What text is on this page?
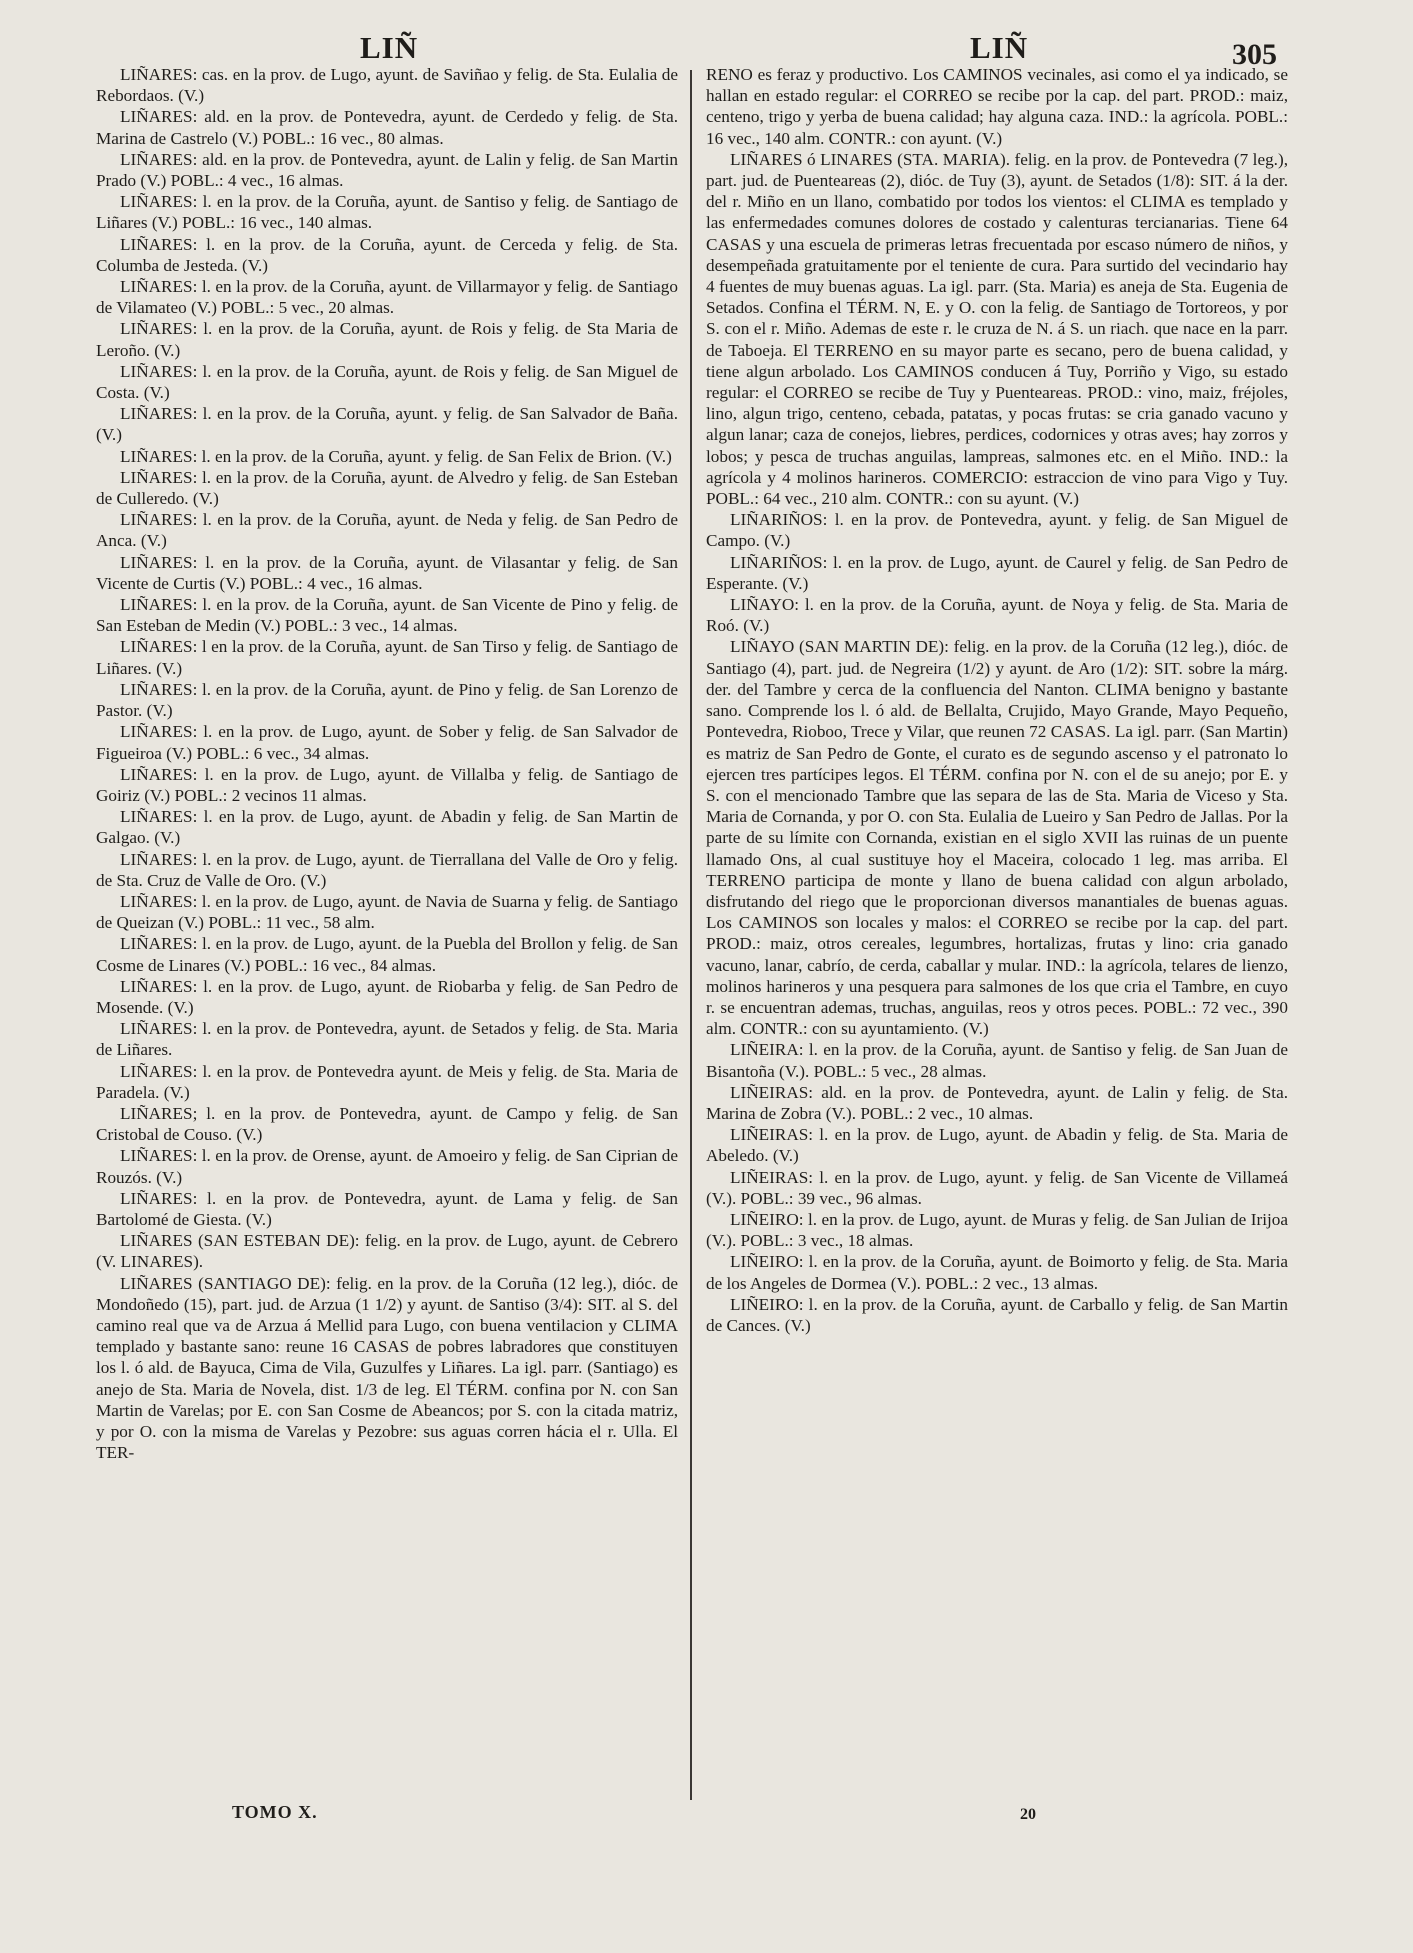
LIÑ	LIÑ	305

LIÑARES: cas. en la prov. de Lugo, ayunt. de Saviñao y felig. de Sta. Eulalia de Rebordaos. (V.)

LIÑARES: ald. en la prov. de Pontevedra, ayunt. de Cerdedo y felig. de Sta. Marina de Castrelo (V.) POBL.: 16 vec., 80 almas.

LIÑARES: ald. en la prov. de Pontevedra, ayunt. de Lalin y felig. de San Martin Prado (V.) POBL.: 4 vec., 16 almas.

LIÑARES: l. en la prov. de la Coruña, ayunt. de Santiso y felig. de Santiago de Liñares (V.) POBL.: 16 vec., 140 almas.

LIÑARES: l. en la prov. de la Coruña, ayunt. de Cerceda y felig. de Sta. Columba de Jesteda. (V.)

LIÑARES: l. en la prov. de la Coruña, ayunt. de Villarmayor y felig. de Santiago de Vilamateo (V.) POBL.: 5 vec., 20 almas.

LIÑARES: l. en la prov. de la Coruña, ayunt. de Rois y felig. de Sta Maria de Leroño. (V.)

LIÑARES: l. en la prov. de la Coruña, ayunt. de Rois y felig. de San Miguel de Costa. (V.)

LIÑARES: l. en la prov. de la Coruña, ayunt. y felig. de San Salvador de Baña. (V.)

LIÑARES: l. en la prov. de la Coruña, ayunt. y felig. de San Felix de Brion. (V.)

LIÑARES: l. en la prov. de la Coruña, ayunt. de Alvedro y felig. de San Esteban de Culleredo. (V.)

LIÑARES: l. en la prov. de la Coruña, ayunt. de Neda y felig. de San Pedro de Anca. (V.)

LIÑARES: l. en la prov. de la Coruña, ayunt. de Vilasantar y felig. de San Vicente de Curtis (V.) POBL.: 4 vec., 16 almas.

LIÑARES: l. en la prov. de la Coruña, ayunt. de San Vicente de Pino y felig. de San Esteban de Medin (V.) POBL.: 3 vec., 14 almas.

LIÑARES: l en la prov. de la Coruña, ayunt. de San Tirso y felig. de Santiago de Liñares. (V.)

LIÑARES: l. en la prov. de la Coruña, ayunt. de Pino y felig. de San Lorenzo de Pastor. (V.)

LIÑARES: l. en la prov. de Lugo, ayunt. de Sober y felig. de San Salvador de Figueiroa (V.) POBL.: 6 vec., 34 almas.

LIÑARES: l. en la prov. de Lugo, ayunt. de Villalba y felig. de Santiago de Goiriz (V.) POBL.: 2 vecinos 11 almas.

LIÑARES: l. en la prov. de Lugo, ayunt. de Abadin y felig. de San Martin de Galgao. (V.)

LIÑARES: l. en la prov. de Lugo, ayunt. de Tierrallana del Valle de Oro y felig. de Sta. Cruz de Valle de Oro. (V.)

LIÑARES: l. en la prov. de Lugo, ayunt. de Navia de Suarna y felig. de Santiago de Queizan (V.) POBL.: 11 vec., 58 alm.

LIÑARES: l. en la prov. de Lugo, ayunt. de la Puebla del Brollon y felig. de San Cosme de Linares (V.) POBL.: 16 vec., 84 almas.

LIÑARES: l. en la prov. de Lugo, ayunt. de Riobarba y felig. de San Pedro de Mosende. (V.)

LIÑARES: l. en la prov. de Pontevedra, ayunt. de Setados y felig. de Sta. Maria de Liñares.

LIÑARES: l. en la prov. de Pontevedra ayunt. de Meis y felig. de Sta. Maria de Paradela. (V.)

LIÑARES; l. en la prov. de Pontevedra, ayunt. de Campo y felig. de San Cristobal de Couso. (V.)

LIÑARES: l. en la prov. de Orense, ayunt. de Amoeiro y felig. de San Ciprian de Rouzós. (V.)

LIÑARES: l. en la prov. de Pontevedra, ayunt. de Lama y felig. de San Bartolomé de Giesta. (V.)

LIÑARES (SAN ESTEBAN DE): felig. en la prov. de Lugo, ayunt. de Cebrero (V. LINARES).

LIÑARES (SANTIAGO DE): felig. en la prov. de la Coruña (12 leg.), dióc. de Mondoñedo (15), part. jud. de Arzua (1 1/2) y ayunt. de Santiso (3/4): SIT. al S. del camino real que va de Arzua á Mellid para Lugo, con buena ventilacion y CLIMA templado y bastante sano: reune 16 CASAS de pobres labradores que constituyen los l. ó ald. de Bayuca, Cima de Vila, Guzulfes y Liñares. La igl. parr. (Santiago) es anejo de Sta. Maria de Novela, dist. 1/3 de leg. El TÉRM. confina por N. con San Martin de Varelas; por E. con San Cosme de Abeancos; por S. con la citada matriz, y por O. con la misma de Varelas y Pezobre: sus aguas corren hácia el r. Ulla. El TER-

RENO es feraz y productivo. Los CAMINOS vecinales, asi como el ya indicado, se hallan en estado regular: el CORREO se recibe por la cap. del part. PROD.: maiz, centeno, trigo y yerba de buena calidad; hay alguna caza. IND.: la agrícola. POBL.: 16 vec., 140 alm. CONTR.: con ayunt. (V.)

LIÑARES ó LINARES (STA. MARIA). felig. en la prov. de Pontevedra (7 leg.), part. jud. de Puenteareas (2), dióc. de Tuy (3), ayunt. de Setados (1/8): SIT. á la der. del r. Miño en un llano, combatido por todos los vientos: el CLIMA es templado y las enfermedades comunes dolores de costado y calenturas tercianarias. Tiene 64 CASAS y una escuela de primeras letras frecuentada por escaso número de niños, y desempeñada gratuitamente por el teniente de cura. Para surtido del vecindario hay 4 fuentes de muy buenas aguas. La igl. parr. (Sta. Maria) es aneja de Sta. Eugenia de Setados. Confina el TÉRM. N, E. y O. con la felig. de Santiago de Tortoreos, y por S. con el r. Miño. Ademas de este r. le cruza de N. á S. un riach. que nace en la parr. de Taboeja. El TERRENO en su mayor parte es secano, pero de buena calidad, y tiene algun arbolado. Los CAMINOS conducen á Tuy, Porriño y Vigo, su estado regular: el CORREO se recibe de Tuy y Puenteareas. PROD.: vino, maiz, fréjoles, lino, algun trigo, centeno, cebada, patatas, y pocas frutas: se cria ganado vacuno y algun lanar; caza de conejos, liebres, perdices, codornices y otras aves; hay zorros y lobos; y pesca de truchas anguilas, lampreas, salmones etc. en el Miño. IND.: la agrícola y 4 molinos harineros. COMERCIO: estraccion de vino para Vigo y Tuy. POBL.: 64 vec., 210 alm. CONTR.: con su ayunt. (V.)

LIÑARIÑOS: l. en la prov. de Pontevedra, ayunt. y felig. de San Miguel de Campo. (V.)

LIÑARIÑOS: l. en la prov. de Lugo, ayunt. de Caurel y felig. de San Pedro de Esperante. (V.)

LIÑAYO: l. en la prov. de la Coruña, ayunt. de Noya y felig. de Sta. Maria de Roó. (V.)

LIÑAYO (SAN MARTIN DE): felig. en la prov. de la Coruña (12 leg.), dióc. de Santiago (4), part. jud. de Negreira (1/2) y ayunt. de Aro (1/2): SIT. sobre la márg. der. del Tambre y cerca de la confluencia del Nanton. CLIMA benigno y bastante sano. Comprende los l. ó ald. de Bellalta, Crujido, Mayo Grande, Mayo Pequeño, Pontevedra, Rioboo, Trece y Vilar, que reunen 72 CASAS. La igl. parr. (San Martin) es matriz de San Pedro de Gonte, el curato es de segundo ascenso y el patronato lo ejercen tres partícipes legos. El TÉRM. confina por N. con el de su anejo; por E. y S. con el mencionado Tambre que las separa de las de Sta. Maria de Viceso y Sta. Maria de Cornanda, y por O. con Sta. Eulalia de Lueiro y San Pedro de Jallas. Por la parte de su límite con Cornanda, existian en el siglo XVII las ruinas de un puente llamado Ons, al cual sustituye hoy el Maceira, colocado 1 leg. mas arriba. El TERRENO participa de monte y llano de buena calidad con algun arbolado, disfrutando del riego que le proporcionan diversos manantiales de buenas aguas. Los CAMINOS son locales y malos: el CORREO se recibe por la cap. del part. PROD.: maiz, otros cereales, legumbres, hortalizas, frutas y lino: cria ganado vacuno, lanar, cabrío, de cerda, caballar y mular. IND.: la agrícola, telares de lienzo, molinos harineros y una pesquera para salmones de los que cria el Tambre, en cuyo r. se encuentran ademas, truchas, anguilas, reos y otros peces. POBL.: 72 vec., 390 alm. CONTR.: con su ayuntamiento. (V.)

LIÑEIRA: l. en la prov. de la Coruña, ayunt. de Santiso y felig. de San Juan de Bisantoña (V.). POBL.: 5 vec., 28 almas.

LIÑEIRAS: ald. en la prov. de Pontevedra, ayunt. de Lalin y felig. de Sta. Marina de Zobra (V.). POBL.: 2 vec., 10 almas.

LIÑEIRAS: l. en la prov. de Lugo, ayunt. de Abadin y felig. de Sta. Maria de Abeledo. (V.)

LIÑEIRAS: l. en la prov. de Lugo, ayunt. y felig. de San Vicente de Villameá (V.). POBL.: 39 vec., 96 almas.

LIÑEIRO: l. en la prov. de Lugo, ayunt. de Muras y felig. de San Julian de Irijoa (V.). POBL.: 3 vec., 18 almas.

LIÑEIRO: l. en la prov. de la Coruña, ayunt. de Boimorto y felig. de Sta. Maria de los Angeles de Dormea (V.). POBL.: 2 vec., 13 almas.

LIÑEIRO: l. en la prov. de la Coruña, ayunt. de Carballo y felig. de San Martin de Cances. (V.)

TOMO X.	20
